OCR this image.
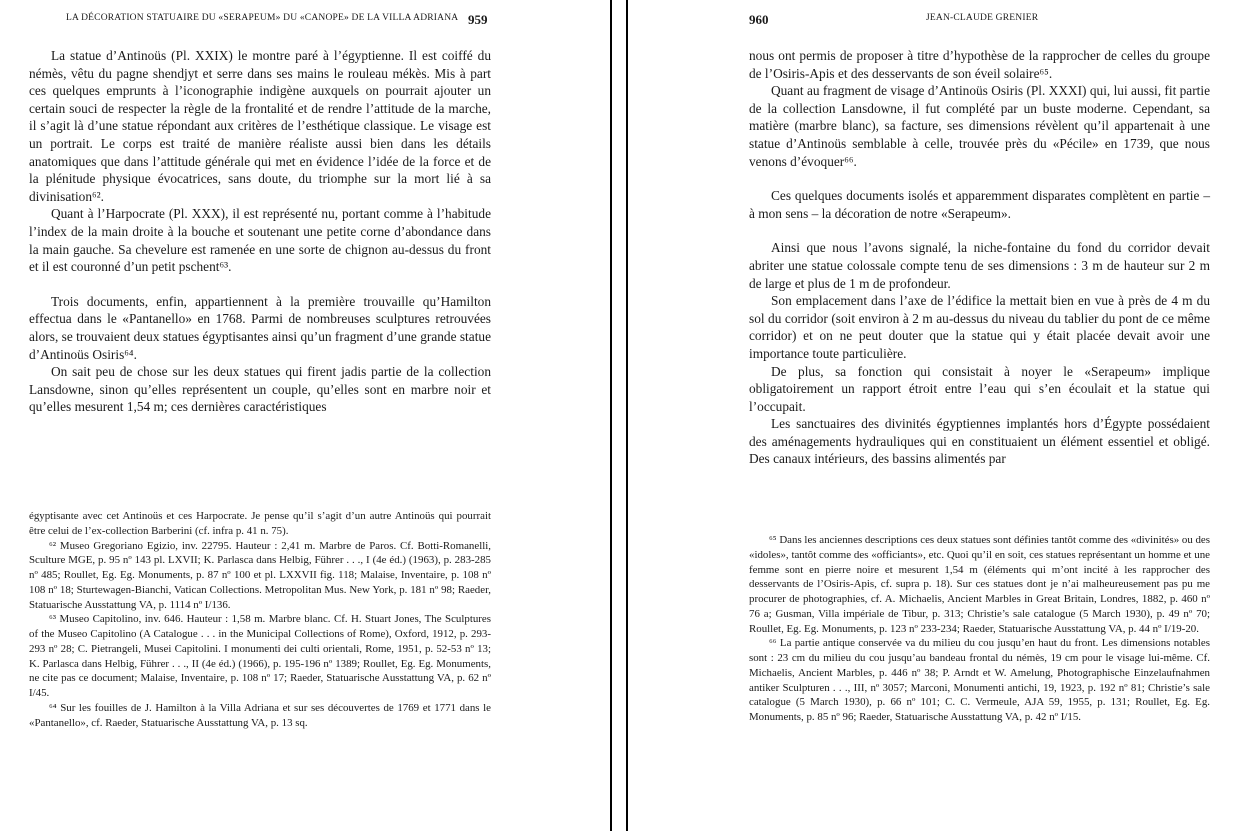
LA DÉCORATION STATUAIRE DU «SERAPEUM» DU «CANOPE» DE LA VILLA ADRIANA 959

La statue d’Antinoüs (Pl. XXIX) le montre paré à l’égyptienne. Il est coiffé du némès, vêtu du pagne shendjyt et serre dans ses mains le rouleau mékès. Mis à part ces quelques emprunts à l’iconographie indigène auxquels on pourrait ajouter un certain souci de respecter la règle de la frontalité et de rendre l’attitude de la marche, il s’agit là d’une statue répondant aux critères de l’esthétique classique. Le visage est un portrait. Le corps est traité de manière réaliste aussi bien dans les détails anatomiques que dans l’attitude générale qui met en évidence l’idée de la force et de la plénitude physique évocatrices, sans doute, du triomphe sur la mort lié à sa divinisation⁶².

Quant à l’Harpocrate (Pl. XXX), il est représenté nu, portant comme à l’habitude l’index de la main droite à la bouche et soutenant une petite corne d’abondance dans la main gauche. Sa chevelure est ramenée en une sorte de chignon au-dessus du front et il est couronné d’un petit pschent⁶³.

Trois documents, enfin, appartiennent à la première trouvaille qu’Hamilton effectua dans le «Pantanello» en 1768. Parmi de nombreuses sculptures retrouvées alors, se trouvaient deux statues égyptisantes ainsi qu’un fragment d’une grande statue d’Antinoüs Osiris⁶⁴.

On sait peu de chose sur les deux statues qui firent jadis partie de la collection Lansdowne, sinon qu’elles représentent un couple, qu’elles sont en marbre noir et qu’elles mesurent 1,54 m; ces dernières caractéristiques

égyptisante avec cet Antinoüs et ces Harpocrate. Je pense qu’il s’agit d’un autre Antinoüs qui pourrait être celui de l’ex-collection Barberini (cf. infra p. 41 n. 75).

⁶² Museo Gregoriano Egizio, inv. 22795. Hauteur : 2,41 m. Marbre de Paros. Cf. Botti-Romanelli, Sculture MGE, p. 95 nº 143 pl. LXVII; K. Parlasca dans Helbig, Führer . . ., I (4e éd.) (1963), p. 283-285 nº 485; Roullet, Eg. Eg. Monuments, p. 87 nº 100 et pl. LXXVII fig. 118; Malaise, Inventaire, p. 108 nº 108 nº 18; Sturtewagen-Bianchi, Vatican Collections. Metropolitan Mus. New York, p. 181 nº 98; Raeder, Statuarische Ausstattung VA, p. 1114 nº I/136.

⁶³ Museo Capitolino, inv. 646. Hauteur : 1,58 m. Marbre blanc. Cf. H. Stuart Jones, The Sculptures of the Museo Capitolino (A Catalogue . . . in the Municipal Collections of Rome), Oxford, 1912, p. 293-293 nº 28; C. Pietrangeli, Musei Capitolini. I monumenti dei culti orientali, Rome, 1951, p. 52-53 nº 13; K. Parlasca dans Helbig, Führer . . ., II (4e éd.) (1966), p. 195-196 nº 1389; Roullet, Eg. Eg. Monuments, ne cite pas ce document; Malaise, Inventaire, p. 108 nº 17; Raeder, Statuarische Ausstattung VA, p. 62 nº I/45.

⁶⁴ Sur les fouilles de J. Hamilton à la Villa Adriana et sur ses découvertes de 1769 et 1771 dans le «Pantanello», cf. Raeder, Statuarische Ausstattung VA, p. 13 sq.

960	JEAN-CLAUDE GRENIER

nous ont permis de proposer à titre d’hypothèse de la rapprocher de celles du groupe de l’Osiris-Apis et des desservants de son éveil solaire⁶⁵.

Quant au fragment de visage d’Antinoüs Osiris (Pl. XXXI) qui, lui aussi, fit partie de la collection Lansdowne, il fut complété par un buste moderne. Cependant, sa matière (marbre blanc), sa facture, ses dimensions révèlent qu’il appartenait à une statue d’Antinoüs semblable à celle, trouvée près du «Pécile» en 1739, que nous venons d’évoquer⁶⁶.

Ces quelques documents isolés et apparemment disparates complètent en partie – à mon sens – la décoration de notre «Serapeum».

Ainsi que nous l’avons signalé, la niche-fontaine du fond du corridor devait abriter une statue colossale compte tenu de ses dimensions : 3 m de hauteur sur 2 m de large et plus de 1 m de profondeur.

Son emplacement dans l’axe de l’édifice la mettait bien en vue à près de 4 m du sol du corridor (soit environ à 2 m au-dessus du niveau du tablier du pont de ce même corridor) et on ne peut douter que la statue qui y était placée devait avoir une importance toute particulière.

De plus, sa fonction qui consistait à noyer le «Serapeum» implique obligatoirement un rapport étroit entre l’eau qui s’en écoulait et la statue qui l’occupait.

Les sanctuaires des divinités égyptiennes implantés hors d’Égypte possédaient des aménagements hydrauliques qui en constituaient un élément essentiel et obligé. Des canaux intérieurs, des bassins alimentés par

⁶⁵ Dans les anciennes descriptions ces deux statues sont définies tantôt comme des «divinités» ou des «idoles», tantôt comme des «officiants», etc. Quoi qu’il en soit, ces statues représentant un homme et une femme sont en pierre noire et mesurent 1,54 m (éléments qui m’ont incité à les rapprocher des desservants de l’Osiris-Apis, cf. supra p. 18). Sur ces statues dont je n’ai malheureusement pas pu me procurer de photographies, cf. A. Michaelis, Ancient Marbles in Great Britain, Londres, 1882, p. 460 nº 76 a; Gusman, Villa impériale de Tibur, p. 313; Christie’s sale catalogue (5 March 1930), p. 49 nº 70; Roullet, Eg. Eg. Monuments, p. 123 nº 233-234; Raeder, Statuarische Ausstattung VA, p. 44 nº I/19-20.

⁶⁶ La partie antique conservée va du milieu du cou jusqu’en haut du front. Les dimensions notables sont : 23 cm du milieu du cou jusqu’au bandeau frontal du némès, 19 cm pour le visage lui-même. Cf. Michaelis, Ancient Marbles, p. 446 nº 38; P. Arndt et W. Amelung, Photographische Einzelaufnahmen antiker Sculpturen . . ., III, nº 3057; Marconi, Monumenti antichi, 19, 1923, p. 192 nº 81; Christie’s sale catalogue (5 March 1930), p. 66 nº 101; C. C. Vermeule, AJA 59, 1955, p. 131; Roullet, Eg. Eg. Monuments, p. 85 nº 96; Raeder, Statuarische Ausstattung VA, p. 42 nº I/15.
